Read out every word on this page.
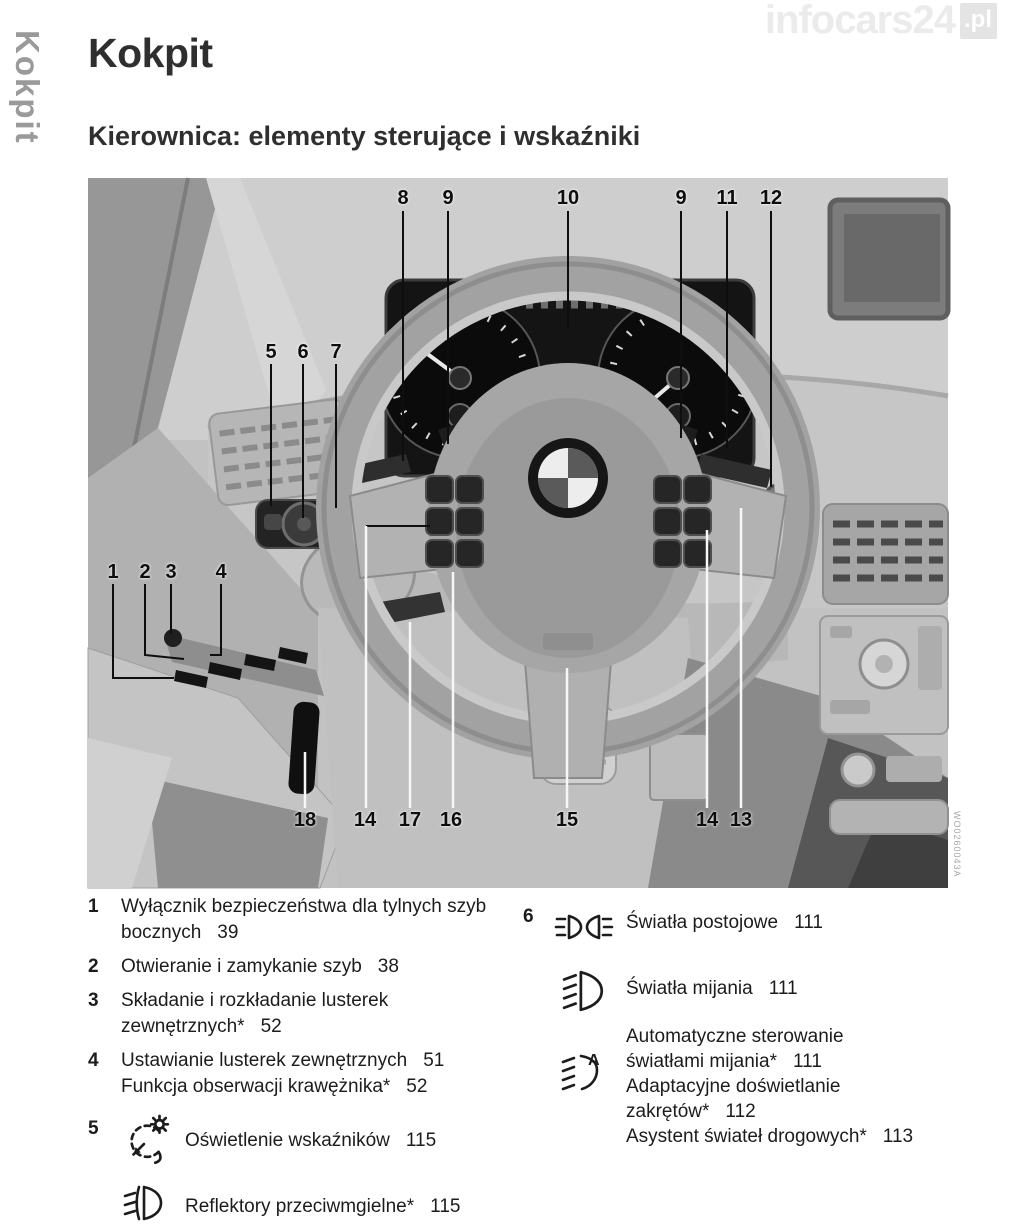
Kokpit
infocars24 .pl
Kokpit
Kierownica: elementy sterujące i wskaźniki
8 9	10	9 11 12
5 6 7
1 2 3 4
18 14 17 16	15	14 13	WO0260043A
1	Wyłącznik bezpieczeństwa dla tylnych szyb
bocznych 39
2	Otwieranie i zamykanie szyb 38
3	Składanie i rozkładanie lusterek
zewnętrznych* 52
4	Ustawianie lusterek zewnętrznych 51
Funkcja obserwacji krawężnika* 52
5
Oświetlenie wskaźników 115
Reflektory przeciwmgielne* 115
6	Światła postojowe 111
Światła mijania 111
A
Automatyczne sterowanie
światłami mijania* 111
Adaptacyjne doświetlanie
zakrętów* 112
Asystent świateł drogowych* 113
